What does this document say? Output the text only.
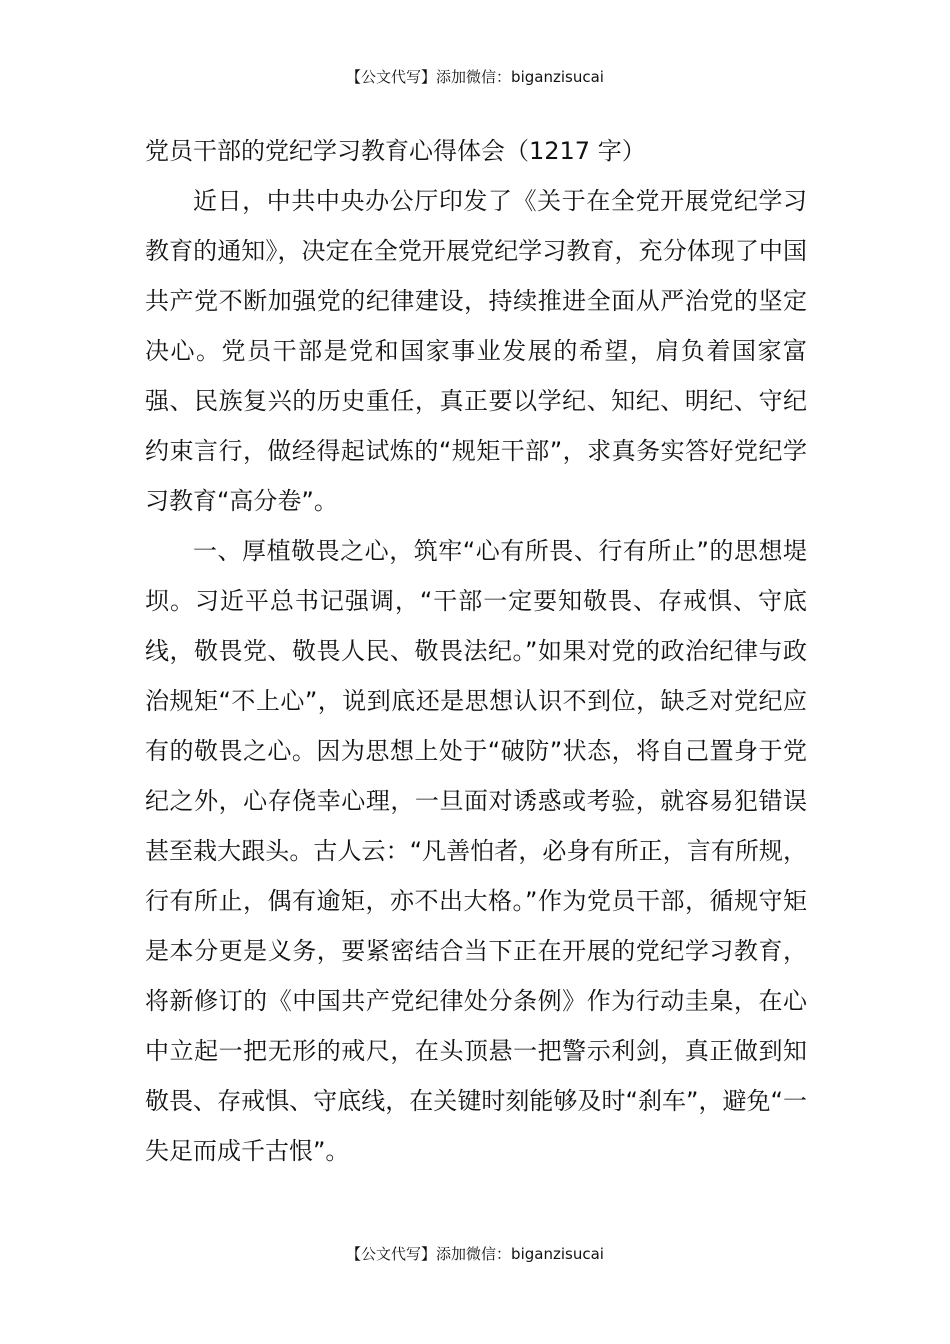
【公文代写】添加微信：biganzisucai
党员干部的党纪学习教育心得体会（1217 字）

近日，中共中央办公厅印发了《关于在全党开展党纪学习教育的通知》，决定在全党开展党纪学习教育，充分体现了中国共产党不断加强党的纪律建设，持续推进全面从严治党的坚定决心。党员干部是党和国家事业发展的希望，肩负着国家富强、民族复兴的历史重任，真正要以学纪、知纪、明纪、守纪约束言行，做经得起试炼的“规矩干部”，求真务实答好党纪学习教育“高分卷”。

一、厚植敬畏之心，筑牢“心有所畏、行有所止”的思想堤坝。习近平总书记强调，“干部一定要知敬畏、存戒惧、守底线，敬畏党、敬畏人民、敬畏法纪。”如果对党的政治纪律与政治规矩“不上心”，说到底还是思想认识不到位，缺乏对党纪应有的敬畏之心。因为思想上处于“破防”状态，将自己置身于党纪之外，心存侥幸心理，一旦面对诱惑或考验，就容易犯错误甚至栽大跟头。古人云：“凡善怕者，必身有所正，言有所规，行有所止，偶有逾矩，亦不出大格。”作为党员干部，循规守矩是本分更是义务，要紧密结合当下正在开展的党纪学习教育，将新修订的《中国共产党纪律处分条例》作为行动圭臬，在心中立起一把无形的戒尺，在头顶悬一把警示利剑，真正做到知敬畏、存戒惧、守底线，在关键时刻能够及时“刹车”，避免“一失足而成千古恨”。

【公文代写】添加微信：biganzisucai
